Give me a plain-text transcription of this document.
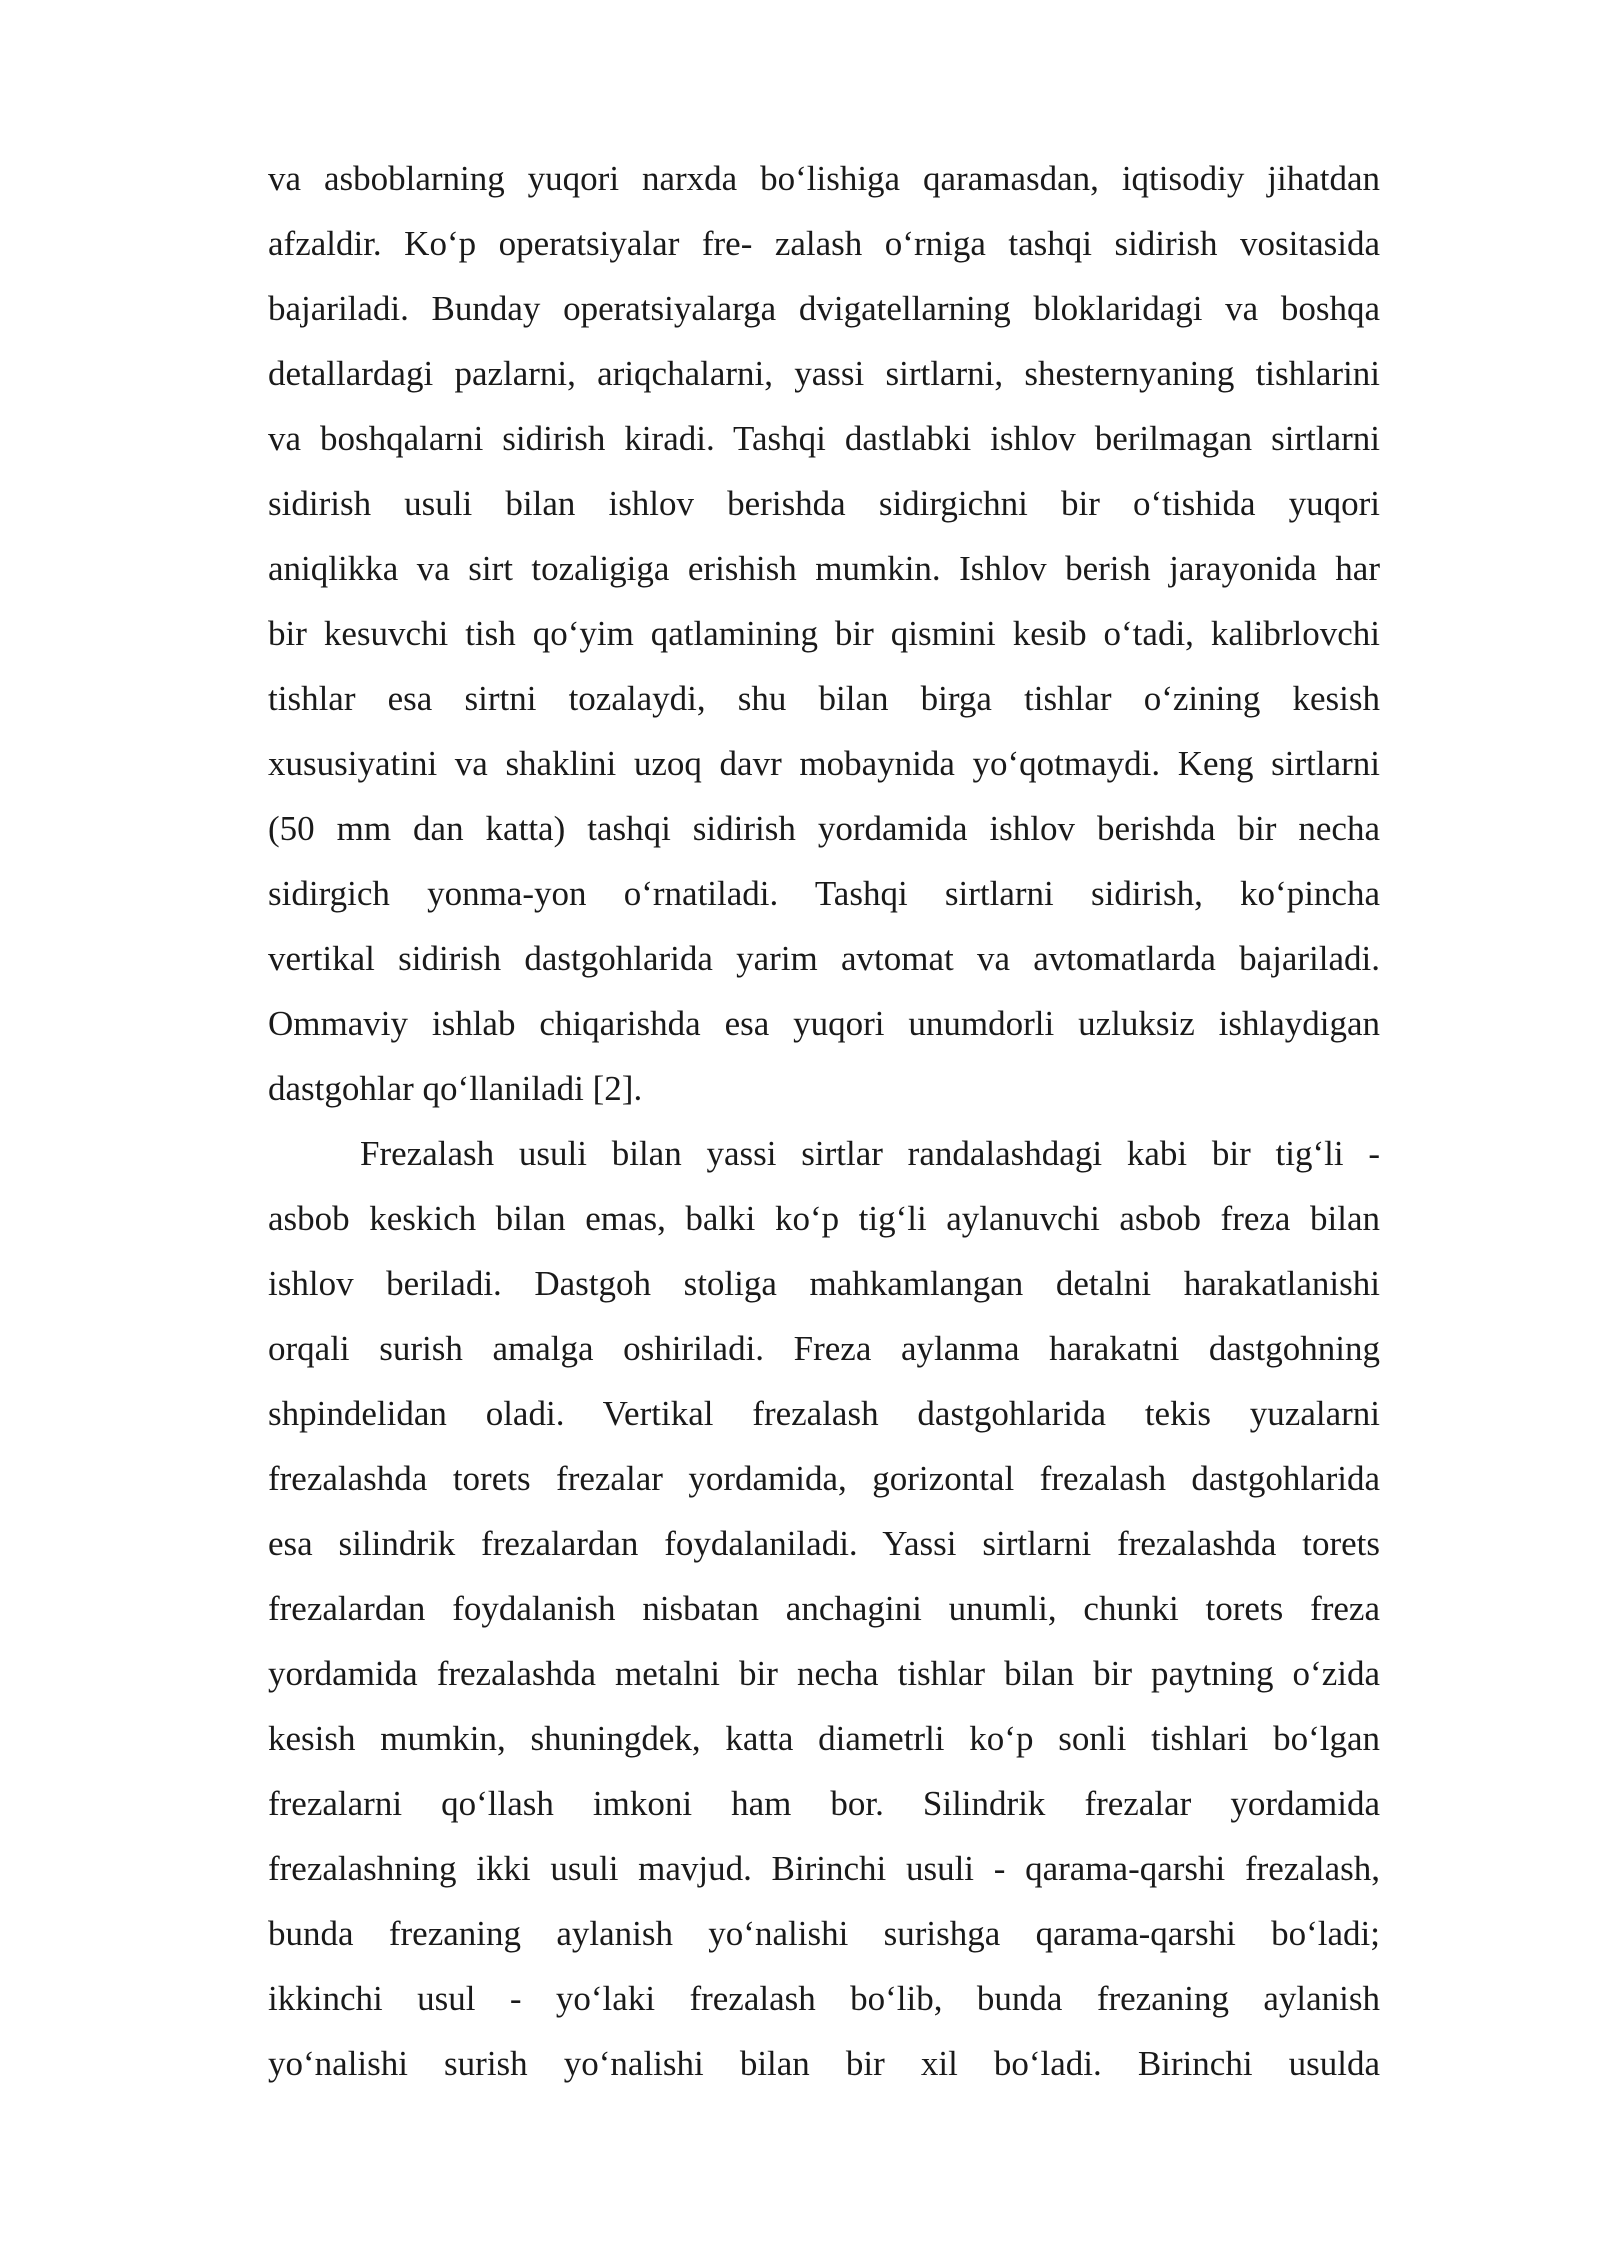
va asboblarning yuqori narxda bo‘lishiga qaramasdan, iqtisodiy jihatdan
afzaldir. Ko‘p operatsiyalar fre- zalash o‘rniga tashqi sidirish vositasida
bajariladi. Bunday operatsiyalarga dvigatellarning bloklaridagi va boshqa
detallardagi pazlarni, ariqchalarni, yassi sirtlarni, shesternyaning tishlarini
va boshqalarni sidirish kiradi. Tashqi dastlabki ishlov berilmagan sirtlarni
sidirish usuli bilan ishlov berishda sidirgichni bir o‘tishida yuqori
aniqlikka va sirt tozaligiga erishish mumkin. Ishlov berish jarayonida har
bir kesuvchi tish qo‘yim qatlamining bir qismini kesib o‘tadi, kalibrlovchi
tishlar esa sirtni tozalaydi, shu bilan birga tishlar o‘zining kesish
xususiyatini va shaklini uzoq davr mobaynida yo‘qotmaydi. Keng sirtlarni
(50 mm dan katta) tashqi sidirish yordamida ishlov berishda bir necha
sidirgich yonma-yon o‘rnatiladi. Tashqi sirtlarni sidirish, ko‘pincha
vertikal sidirish dastgohlarida yarim avtomat va avtomatlarda bajariladi.
Ommaviy ishlab chiqarishda esa yuqori unumdorli uzluksiz ishlaydigan
dastgohlar qo‘llaniladi [2].
Frezalash usuli bilan yassi sirtlar randalashdagi kabi bir tig‘li -
asbob keskich bilan emas, balki ko‘p tig‘li aylanuvchi asbob freza bilan
ishlov beriladi. Dastgoh stoliga mahkamlangan detalni harakatlanishi
orqali surish amalga oshiriladi. Freza aylanma harakatni dastgohning
shpindelidan oladi. Vertikal frezalash dastgohlarida tekis yuzalarni
frezalashda torets frezalar yordamida, gorizontal frezalash dastgohlarida
esa silindrik frezalardan foydalaniladi. Yassi sirtlarni frezalashda torets
frezalardan foydalanish nisbatan anchagini unumli, chunki torets freza
yordamida frezalashda metalni bir necha tishlar bilan bir paytning o‘zida
kesish mumkin, shuningdek, katta diametrli ko‘p sonli tishlari bo‘lgan
frezalarni qo‘llash imkoni ham bor. Silindrik frezalar yordamida
frezalashning ikki usuli mavjud. Birinchi usuli - qarama-qarshi frezalash,
bunda frezaning aylanish yo‘nalishi surishga qarama-qarshi bo‘ladi;
ikkinchi usul - yo‘laki frezalash bo‘lib, bunda frezaning aylanish
yo‘nalishi surish yo‘nalishi bilan bir xil bo‘ladi. Birinchi usulda
